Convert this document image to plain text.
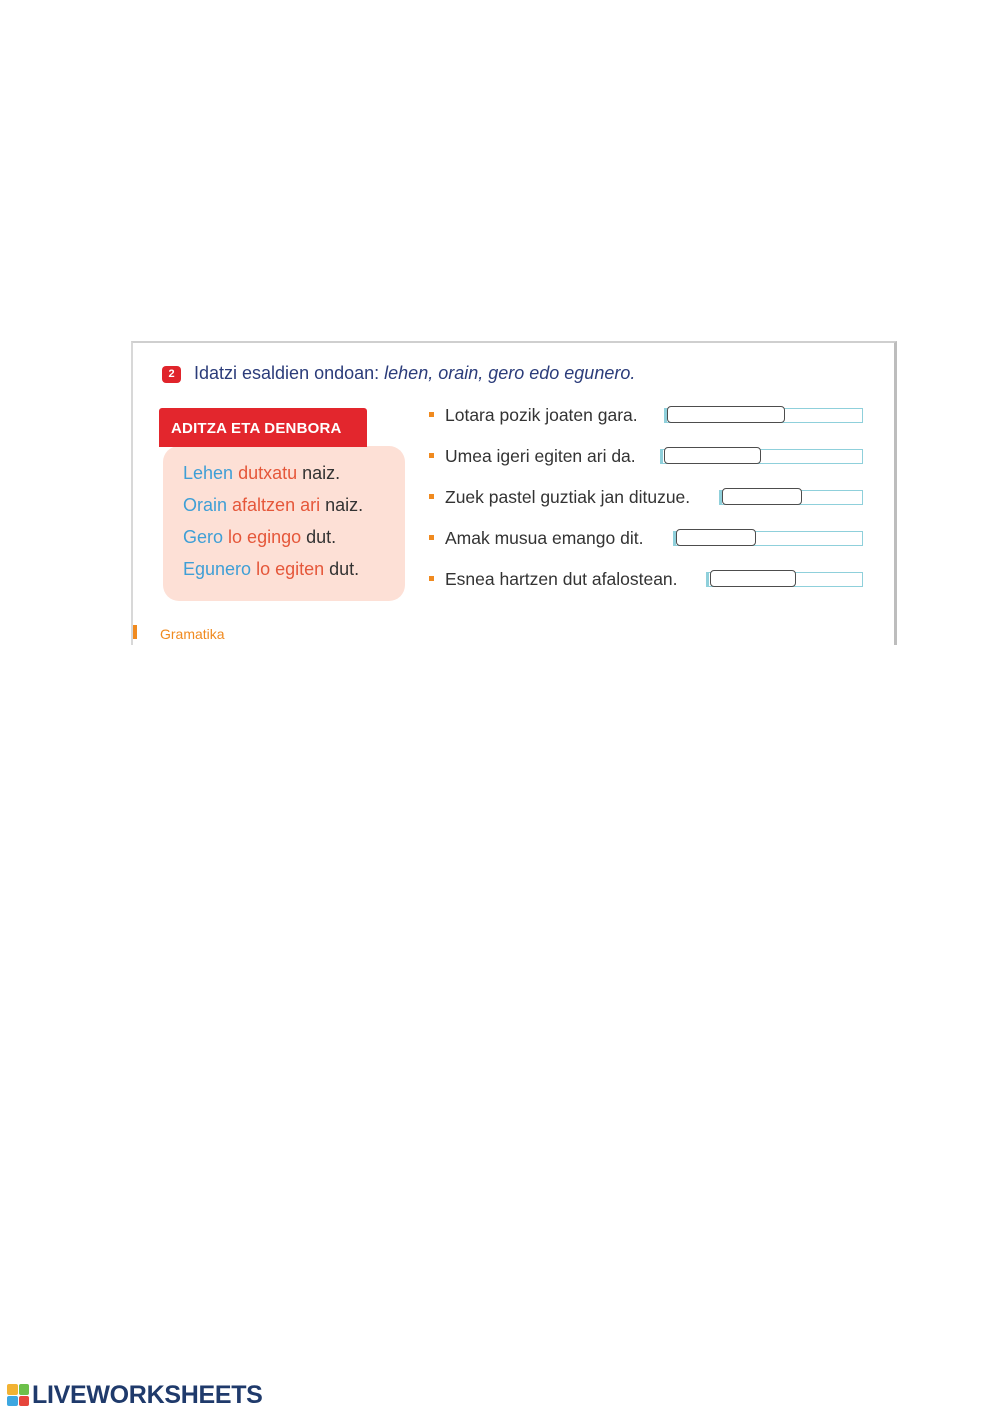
2	Idatzi esaldien ondoan: lehen, orain, gero edo egunero.
ADITZA ETA DENBORA
Lehen dutxatu naiz.
Orain afaltzen ari naiz.
Gero lo egingo dut.
Egunero lo egiten dut.
Lotara pozik joaten gara.
Umea igeri egiten ari da.
Zuek pastel guztiak jan dituzue.
Amak musua emango dit.
Esnea hartzen dut afalostean.
Gramatika
LIVEWORKSHEETS
